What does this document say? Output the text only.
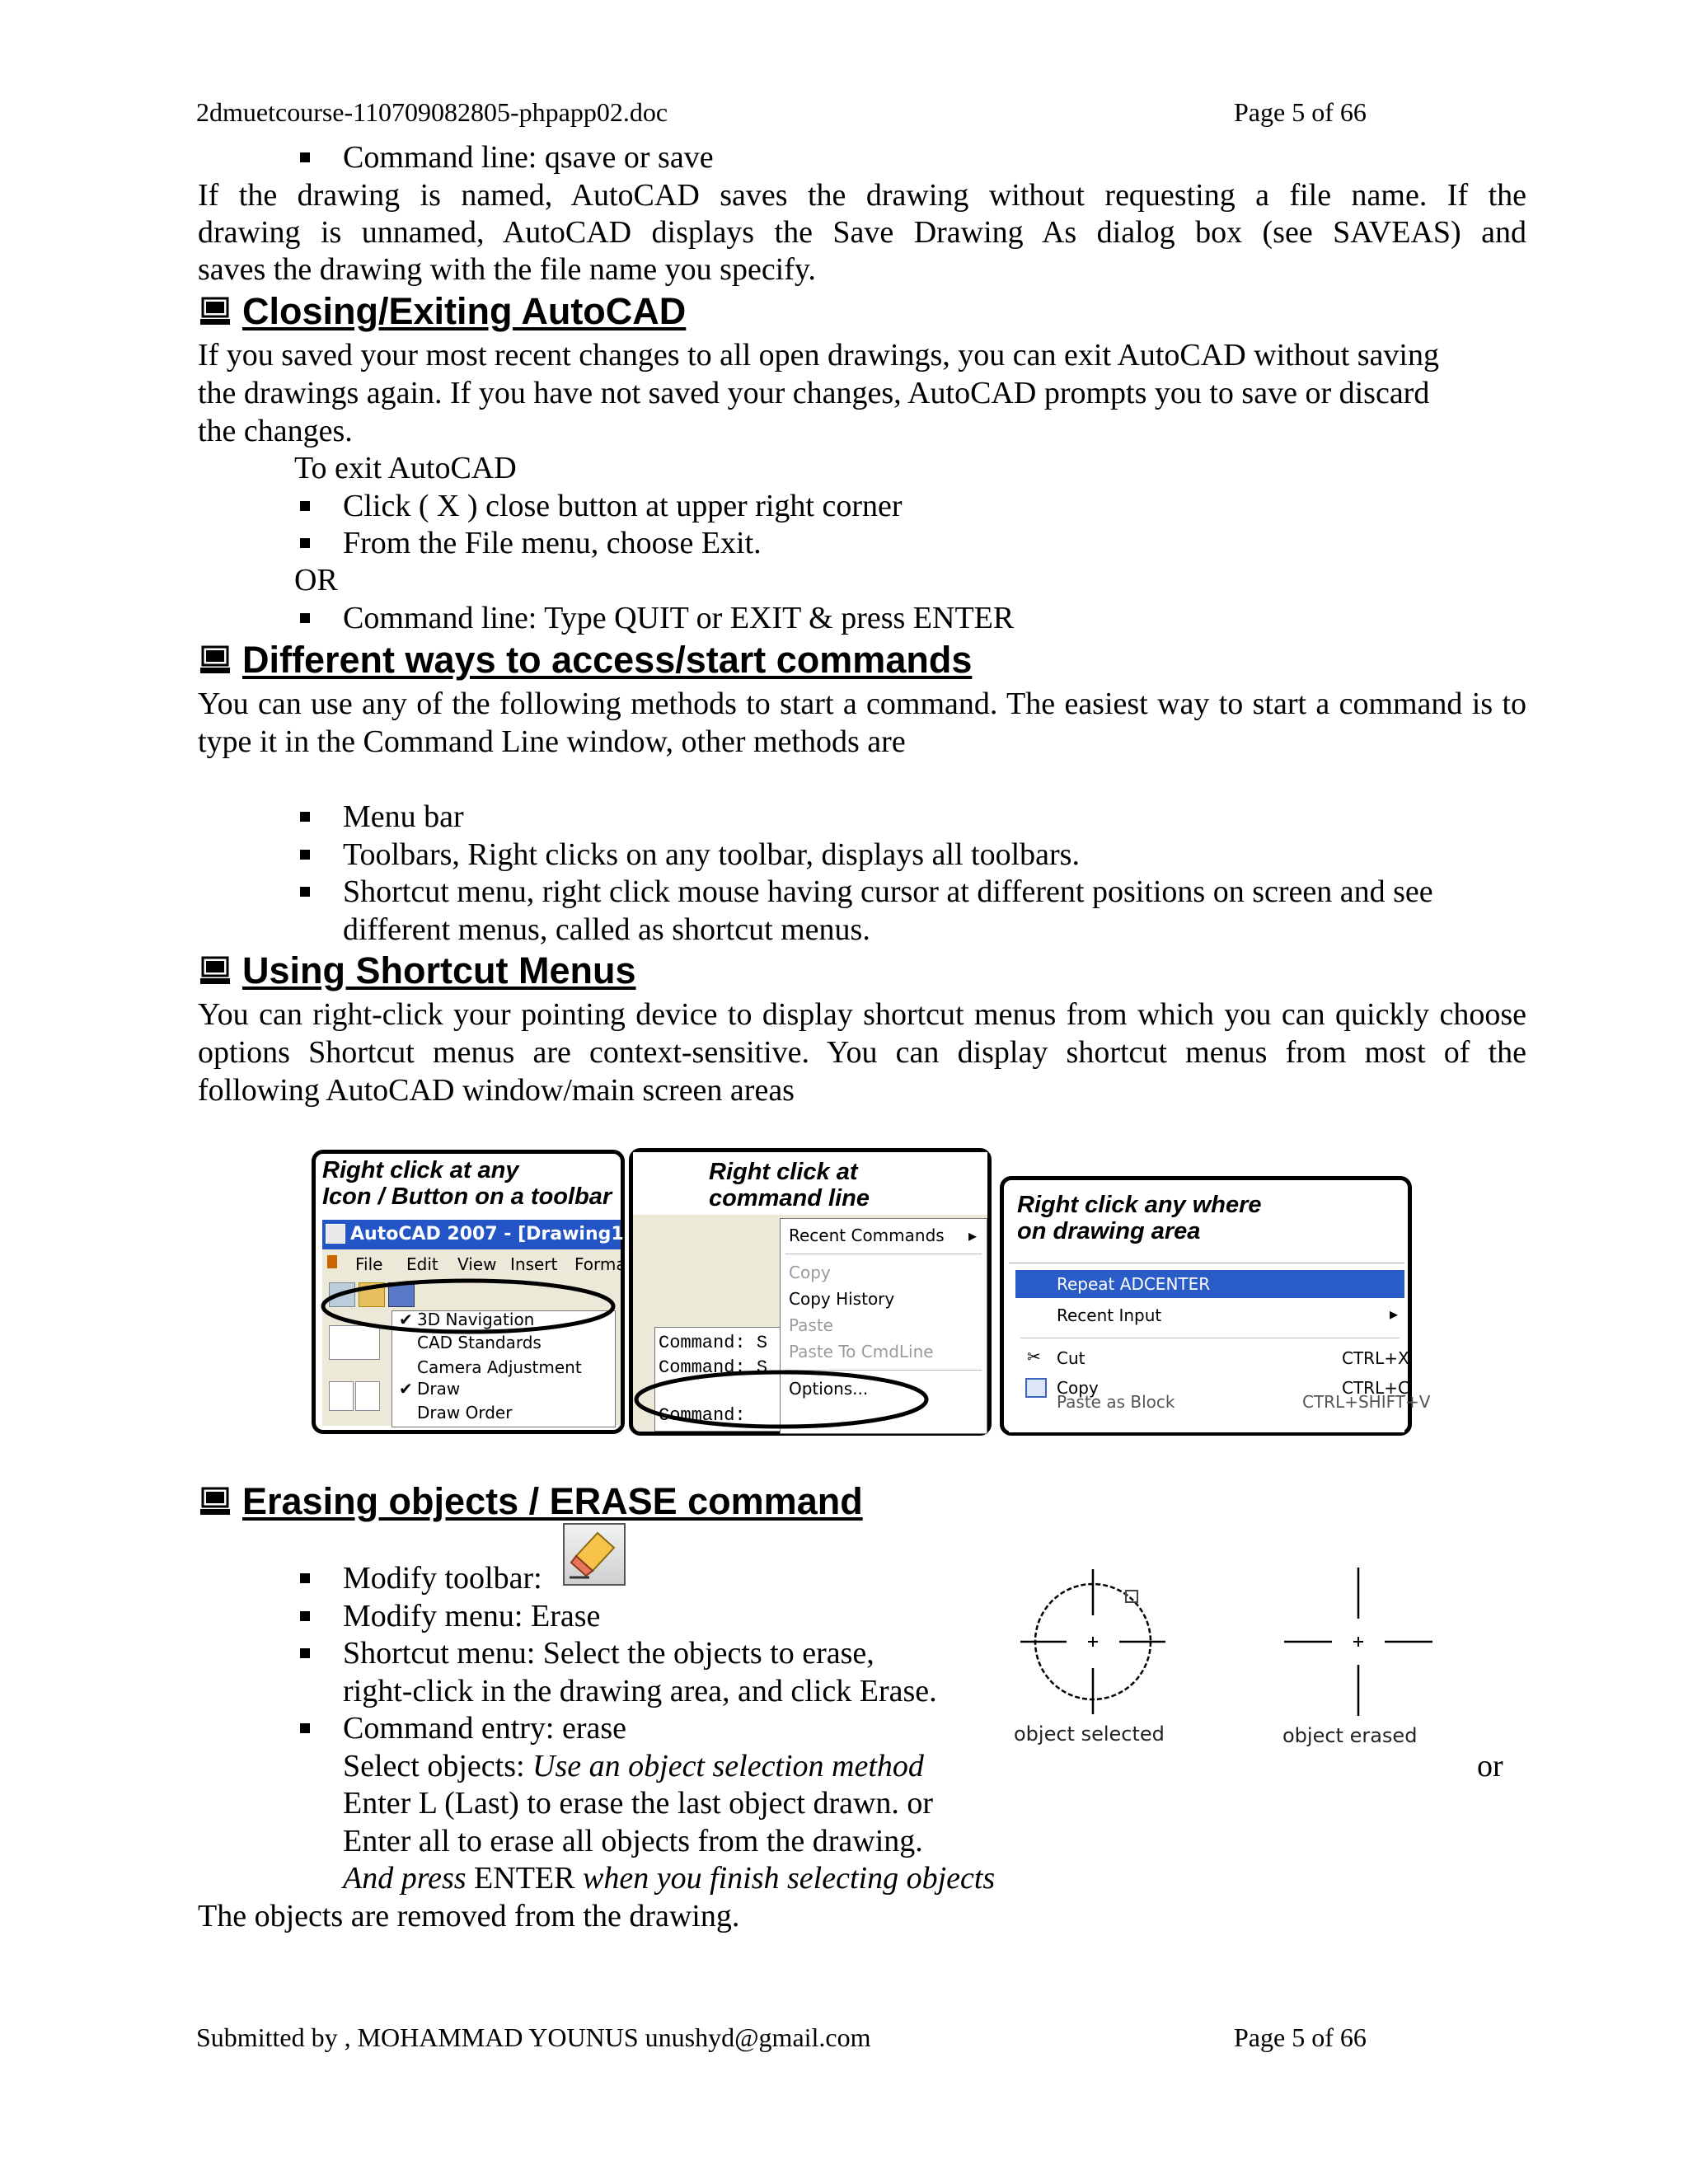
2dmuetcourse-110709082805-phpapp02.doc	Page 5 of 66
Command line: qsave or save
If the drawing is named, AutoCAD saves the drawing without requesting a file name. If the
drawing is unnamed, AutoCAD displays the Save Drawing As dialog box (see SAVEAS) and
saves the drawing with the file name you specify.
Closing/Exiting AutoCAD
If you saved your most recent changes to all open drawings, you can exit AutoCAD without saving
the drawings again. If you have not saved your changes, AutoCAD prompts you to save or discard
the changes.
To exit AutoCAD
Click ( X ) close button at upper right corner
From the File menu, choose Exit.
OR
Command line: Type QUIT or EXIT & press ENTER
Different ways to access/start commands
You can use any of the following methods to start a command. The easiest way to start a command is to
type it in the Command Line window, other methods are
Menu bar
Toolbars, Right clicks on any toolbar, displays all toolbars.
Shortcut menu, right click mouse having cursor at different positions on screen and see
different menus, called as shortcut menus.
Using Shortcut Menus
You can right-click your pointing device to display shortcut menus from which you can quickly choose
options Shortcut menus are context-sensitive. You can display shortcut menus from most of the
following AutoCAD window/main screen areas
Right click at any
Icon / Button on a toolbar
AutoCAD 2007 - [Drawing1
File Edit View Insert Forma
✔ 3D Navigation
CAD Standards
Camera Adjustment
✔ Draw
Draw Order
Right click at
command line
Command: S
Command: S
Command:
Recent Commands ▸
Copy
Copy History
Paste
Paste To CmdLine
Options...
Right click any where
on drawing area
Repeat ADCENTER
Recent Input	▸
✂ Cut	CTRL+X
Copy	CTRL+C
Paste as Block	CTRL+SHIFT+V
Erasing objects / ERASE command
Modify toolbar:
Modify menu: Erase
Shortcut menu: Select the objects to erase,
right-click in the drawing area, and click Erase.
Command entry: erase
Select objects: Use an object selection method
Enter L (Last) to erase the last object drawn. or
Enter all to erase all objects from the drawing.
And press ENTER when you finish selecting objects
or
The objects are removed from the drawing.
object selected	object erased
Submitted by , MOHAMMAD YOUNUS unushyd@gmail.com	Page 5 of 66
